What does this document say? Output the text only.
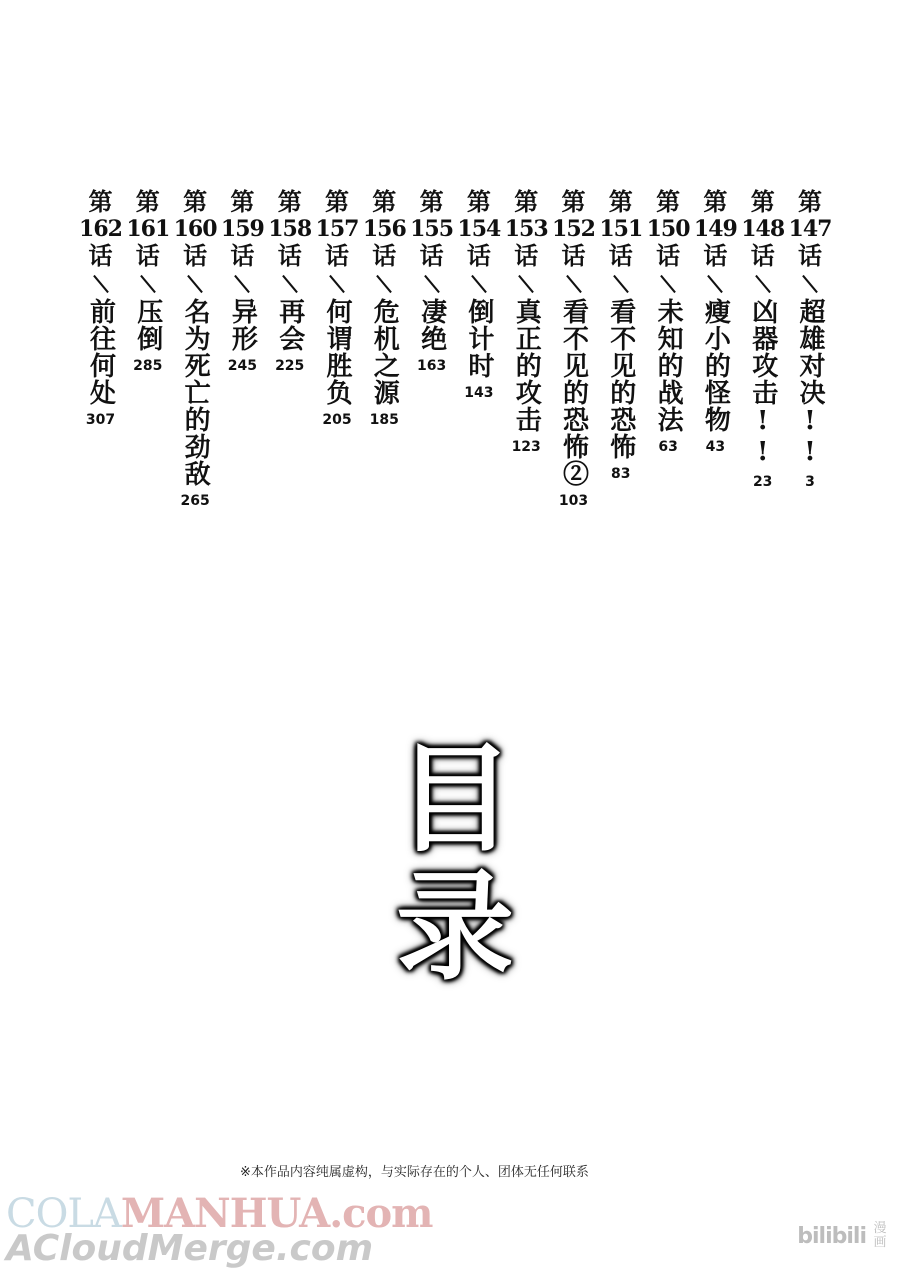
第
147
话
超雄对决!!
3
第
148
话
凶器攻击!!
23
第
149
话
瘦小的怪物
43
第
150
话
未知的战法
63
第
151
话
看不见的恐怖
83
第
152
话
看不见的恐怖②
103
第
153
话
真正的攻击
123
第
154
话
倒计时
143
第
155
话
凄绝
163
第
156
话
危机之源
185
第
157
话
何谓胜负
205
第
158
话
再会
225
第
159
话
异形
245
第
160
话
名为死亡的劲敌
265
第
161
话
压倒
285
第
162
话
前往何处
307
目
录
※本作品内容纯属虚构，与实际存在的个人、团体无任何联系
COLAMANHUA.com
ACloudMerge.com	bilibili 漫画
